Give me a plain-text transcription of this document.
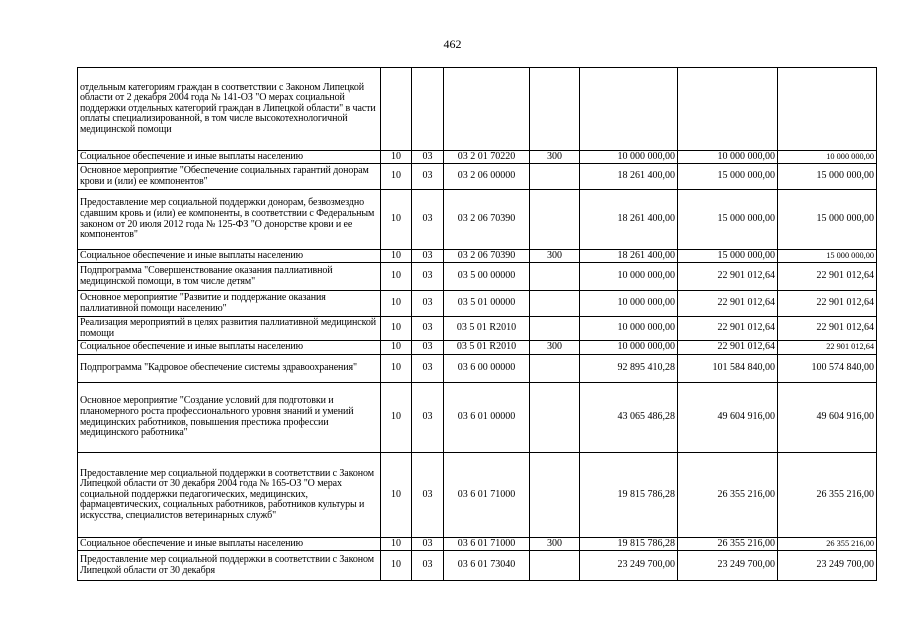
462
отдельным категориям граждан в соответствии с Законом Липецкой области от 2 декабря 2004 года № 141-ОЗ "О мерах социальной поддержки отдельных категорий граждан в Липецкой области" в части оплаты специализированной, в том числе высокотехнологичной медицинской помощи							
Социальное обеспечение и иные выплаты населению	10	03	03 2 01 70220	300	10 000 000,00	10 000 000,00	10 000 000,00
Основное мероприятие "Обеспечение социальных гарантий донорам крови и (или) ее компонентов"	10	03	03 2 06 00000		18 261 400,00	15 000 000,00	15 000 000,00
Предоставление мер социальной поддержки донорам, безвозмездно сдавшим кровь и (или) ее компоненты, в соответствии с Федеральным законом от 20 июля 2012 года № 125-ФЗ "О донорстве крови и ее компонентов"	10	03	03 2 06 70390		18 261 400,00	15 000 000,00	15 000 000,00
Социальное обеспечение и иные выплаты населению	10	03	03 2 06 70390	300	18 261 400,00	15 000 000,00	15 000 000,00
Подпрограмма "Совершенствование оказания паллиативной медицинской помощи, в том числе детям"	10	03	03 5 00 00000		10 000 000,00	22 901 012,64	22 901 012,64
Основное мероприятие "Развитие и поддержание оказания паллиативной помощи населению"	10	03	03 5 01 00000		10 000 000,00	22 901 012,64	22 901 012,64
Реализация мероприятий в целях развития паллиативной медицинской помощи	10	03	03 5 01 R2010		10 000 000,00	22 901 012,64	22 901 012,64
Социальное обеспечение и иные выплаты населению	10	03	03 5 01 R2010	300	10 000 000,00	22 901 012,64	22 901 012,64
Подпрограмма "Кадровое обеспечение системы здравоохранения"	10	03	03 6 00 00000		92 895 410,28	101 584 840,00	100 574 840,00
Основное мероприятие "Создание условий для подготовки и планомерного роста профессионального уровня знаний и умений медицинских работников, повышения престижа профессии медицинского работника"	10	03	03 6 01 00000		43 065 486,28	49 604 916,00	49 604 916,00
Предоставление мер социальной поддержки в соответствии с Законом Липецкой области от 30 декабря 2004 года № 165-ОЗ "О мерах социальной поддержки педагогических, медицинских, фармацевтических, социальных работников, работников культуры и искусства, специалистов ветеринарных служб"	10	03	03 6 01 71000		19 815 786,28	26 355 216,00	26 355 216,00
Социальное обеспечение и иные выплаты населению	10	03	03 6 01 71000	300	19 815 786,28	26 355 216,00	26 355 216,00
Предоставление мер социальной поддержки в соответствии с Законом Липецкой области от 30 декабря	10	03	03 6 01 73040		23 249 700,00	23 249 700,00	23 249 700,00
